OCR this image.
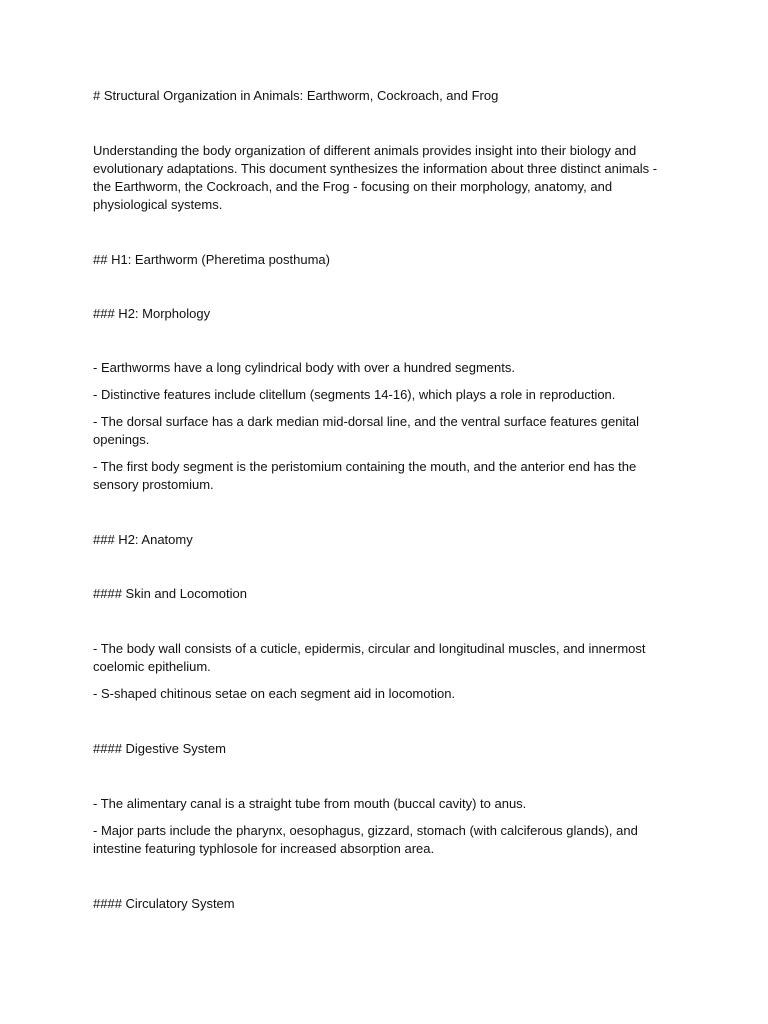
# Structural Organization in Animals: Earthworm, Cockroach, and Frog

Understanding the body organization of different animals provides insight into their biology and evolutionary adaptations. This document synthesizes the information about three distinct animals - the Earthworm, the Cockroach, and the Frog - focusing on their morphology, anatomy, and physiological systems.

## H1: Earthworm (Pheretima posthuma)

### H2: Morphology

- Earthworms have a long cylindrical body with over a hundred segments.

- Distinctive features include clitellum (segments 14-16), which plays a role in reproduction.

- The dorsal surface has a dark median mid-dorsal line, and the ventral surface features genital openings.

- The first body segment is the peristomium containing the mouth, and the anterior end has the sensory prostomium.

### H2: Anatomy

#### Skin and Locomotion

- The body wall consists of a cuticle, epidermis, circular and longitudinal muscles, and innermost coelomic epithelium.

- S-shaped chitinous setae on each segment aid in locomotion.

#### Digestive System

- The alimentary canal is a straight tube from mouth (buccal cavity) to anus.

- Major parts include the pharynx, oesophagus, gizzard, stomach (with calciferous glands), and intestine featuring typhlosole for increased absorption area.

#### Circulatory System
